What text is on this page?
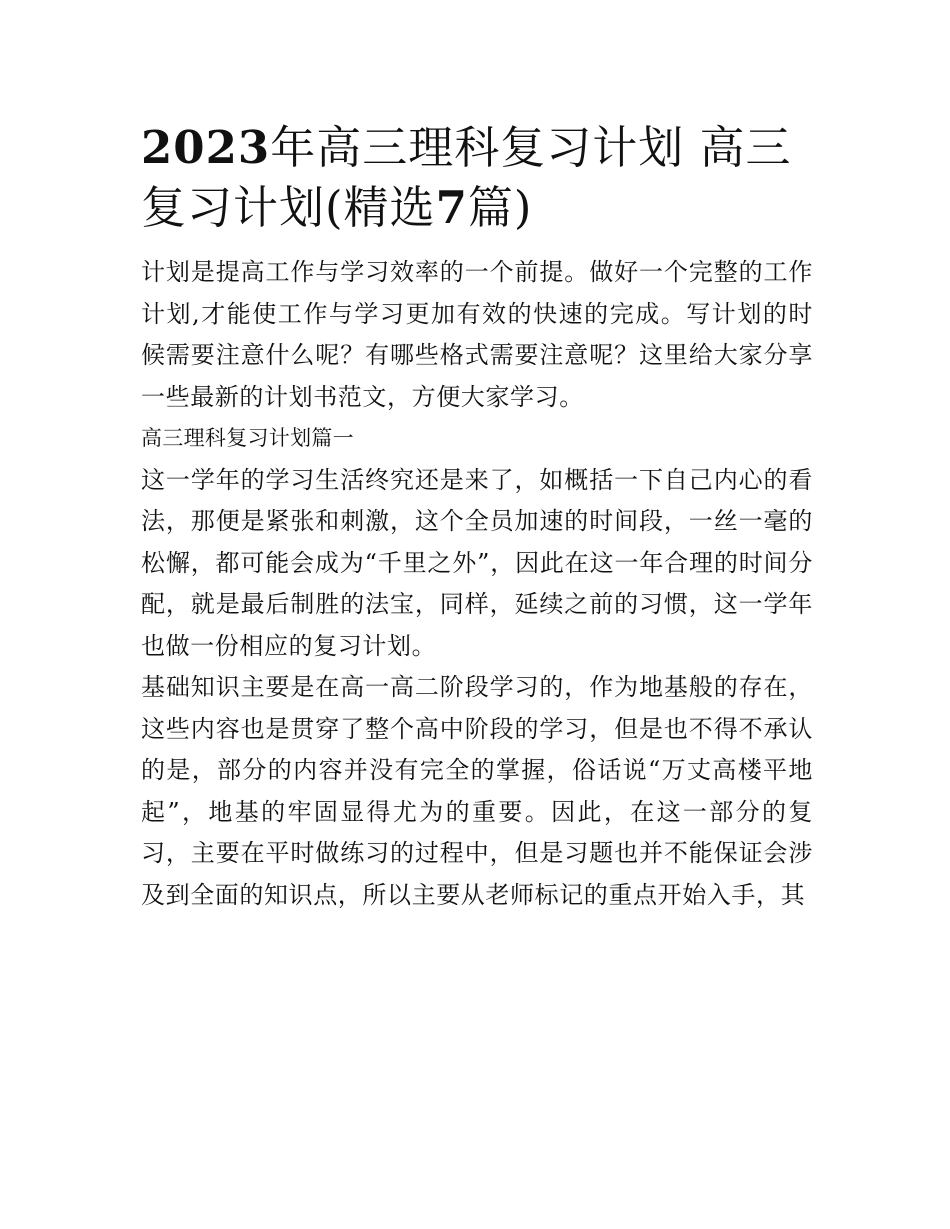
2023年高三理科复习计划 高三复习计划(精选7篇)

计划是提高工作与学习效率的一个前提。做好一个完整的工作计划,才能使工作与学习更加有效的快速的完成。写计划的时候需要注意什么呢？有哪些格式需要注意呢？这里给大家分享一些最新的计划书范文，方便大家学习。

高三理科复习计划篇一

这一学年的学习生活终究还是来了，如概括一下自己内心的看法，那便是紧张和刺激，这个全员加速的时间段，一丝一毫的松懈，都可能会成为“千里之外”，因此在这一年合理的时间分配，就是最后制胜的法宝，同样，延续之前的习惯，这一学年也做一份相应的复习计划。

基础知识主要是在高一高二阶段学习的，作为地基般的存在，这些内容也是贯穿了整个高中阶段的学习，但是也不得不承认的是，部分的内容并没有完全的掌握，俗话说“万丈高楼平地起”，地基的牢固显得尤为的重要。因此，在这一部分的复习，主要在平时做练习的过程中，但是习题也并不能保证会涉及到全面的知识点，所以主要从老师标记的重点开始入手，其
